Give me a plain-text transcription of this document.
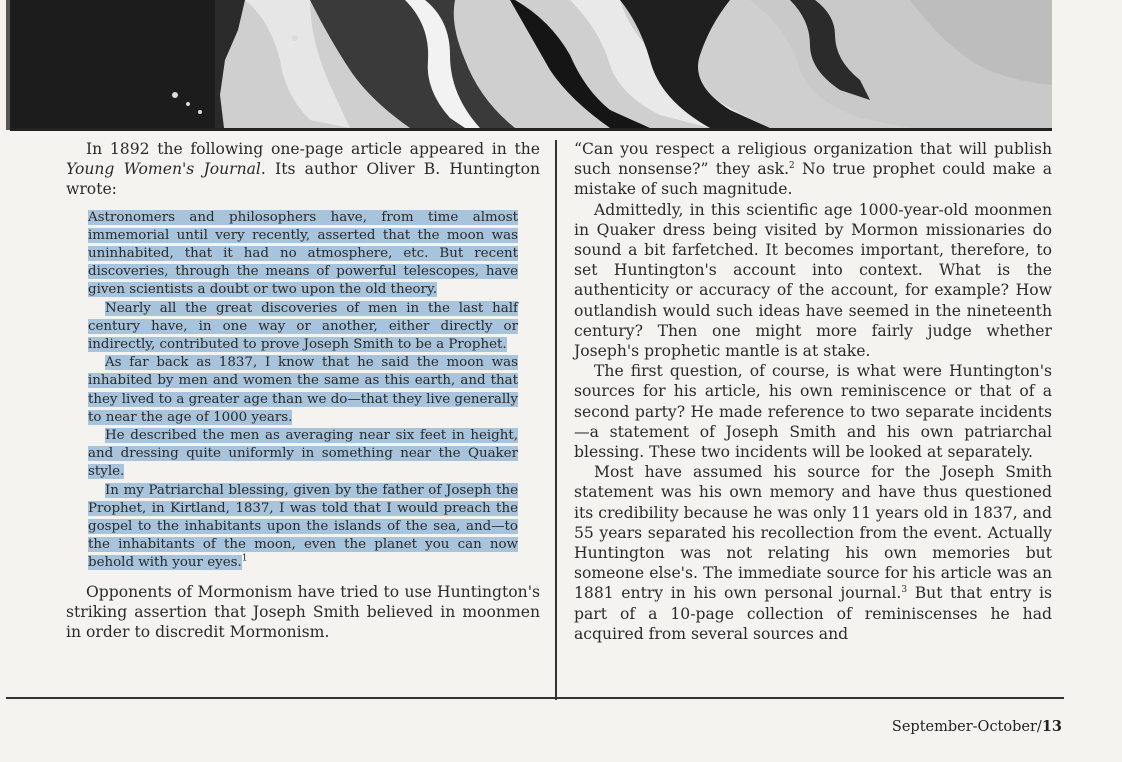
In 1892 the following one-page article appeared in the Young Women's Journal. Its author Oliver B. Huntington wrote:

Astronomers and philosophers have, from time almost immemorial until very recently, asserted that the moon was uninhabited, that it had no atmosphere, etc. But recent discoveries, through the means of powerful telescopes, have given scientists a doubt or two upon the old theory.

Nearly all the great discoveries of men in the last half century have, in one way or another, either directly or indirectly, contributed to prove Joseph Smith to be a Prophet.

As far back as 1837, I know that he said the moon was inhabited by men and women the same as this earth, and that they lived to a greater age than we do—that they live generally to near the age of 1000 years.

He described the men as averaging near six feet in height, and dressing quite uniformly in something near the Quaker style.

In my Patriarchal blessing, given by the father of Joseph the Prophet, in Kirtland, 1837, I was told that I would preach the gospel to the inhabitants upon the islands of the sea, and—to the inhabitants of the moon, even the planet you can now behold with your eyes.$^1$

Opponents of Mormonism have tried to use Huntington's striking assertion that Joseph Smith believed in moonmen in order to discredit Mormonism.

“Can you respect a religious organization that will publish such nonsense?” they ask.$^2$ No true prophet could make a mistake of such magnitude.

Admittedly, in this scientific age 1000-year-old moonmen in Quaker dress being visited by Mormon missionaries do sound a bit farfetched. It becomes important, therefore, to set Huntington's account into context. What is the authenticity or accuracy of the account, for example? How outlandish would such ideas have seemed in the nineteenth century? Then one might more fairly judge whether Joseph's prophetic mantle is at stake.

The first question, of course, is what were Huntington's sources for his article, his own reminiscence or that of a second party? He made reference to two separate incidents—a statement of Joseph Smith and his own patriarchal blessing. These two incidents will be looked at separately.

Most have assumed his source for the Joseph Smith statement was his own memory and have thus questioned its credibility because he was only 11 years old in 1837, and 55 years separated his recollection from the event. Actually Huntington was not relating his own memories but someone else's. The immediate source for his article was an 1881 entry in his own personal journal.$^3$ But that entry is part of a 10-page collection of reminiscenses he had acquired from several sources and

September-October/13
